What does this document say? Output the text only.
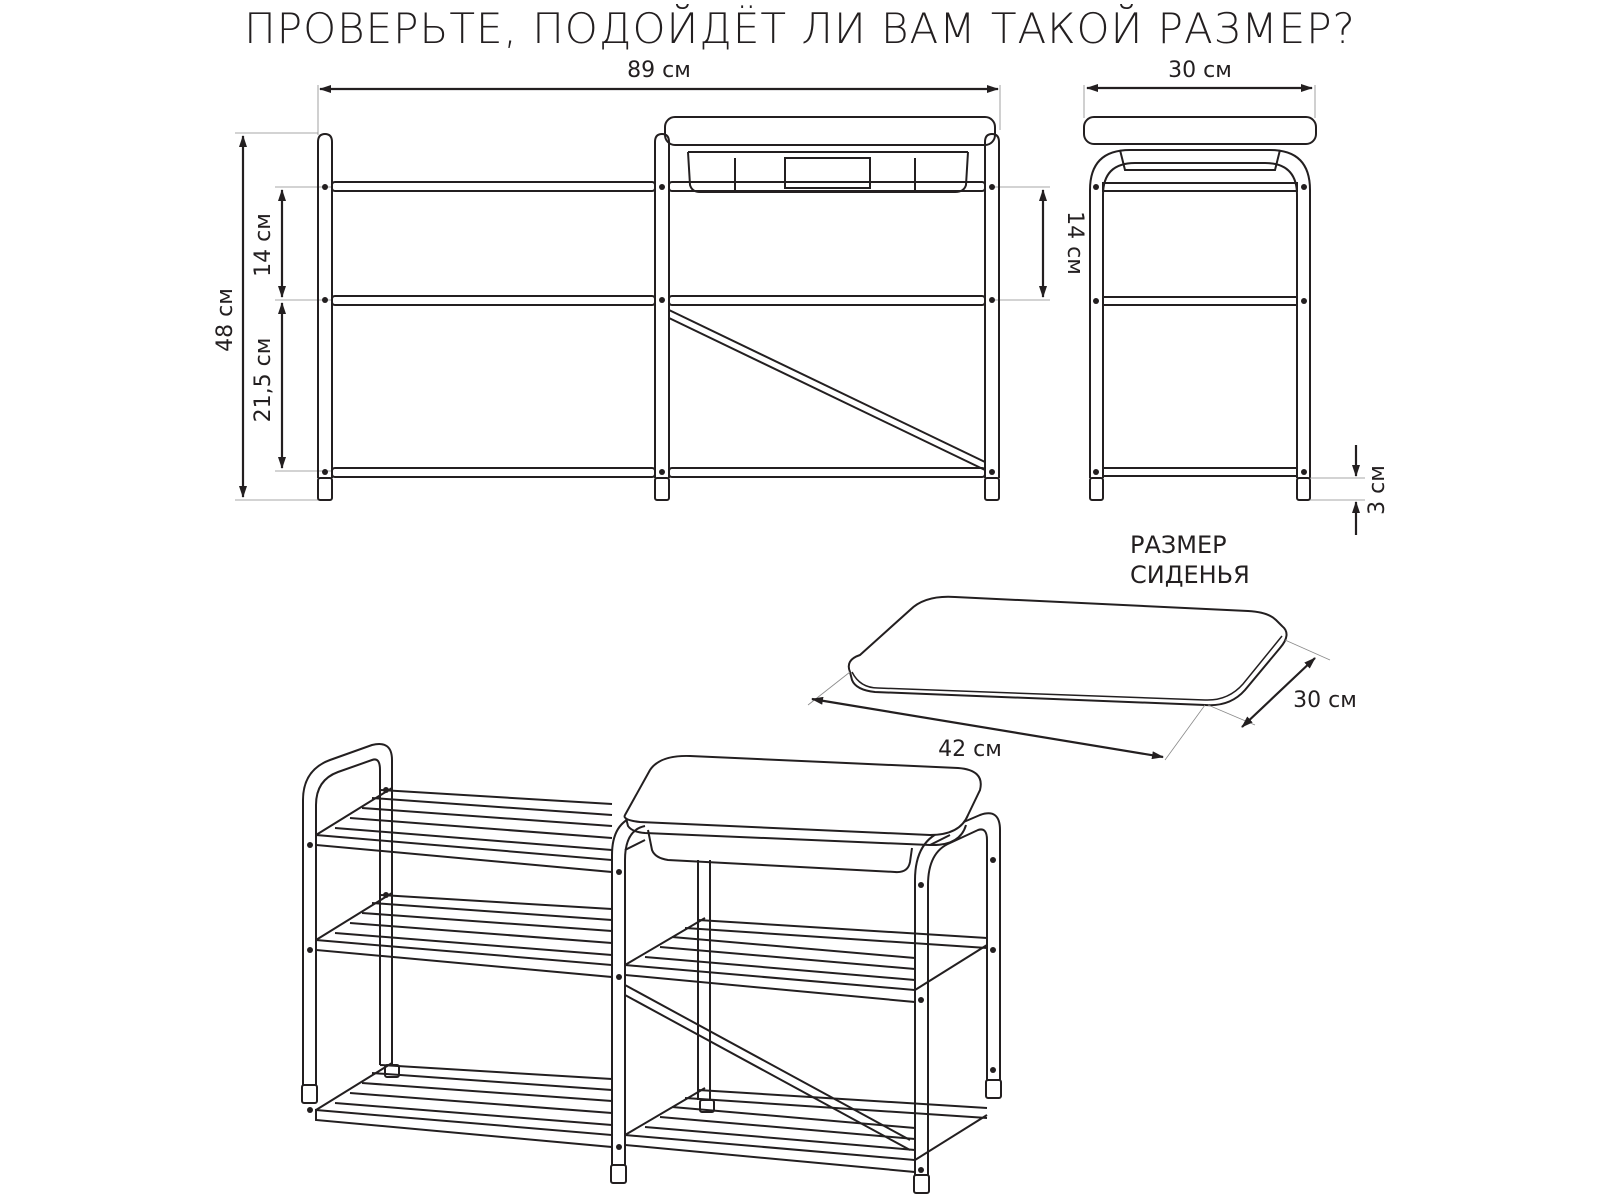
ПРОВЕРЬТЕ, ПОДОЙДЁТ ЛИ ВАМ ТАКОЙ РАЗМЕР?
89 см
48 см
14 см
21,5 см
14 см
3 см
30 см
42 см
30 см
РАЗМЕР
СИДЕНЬЯ
